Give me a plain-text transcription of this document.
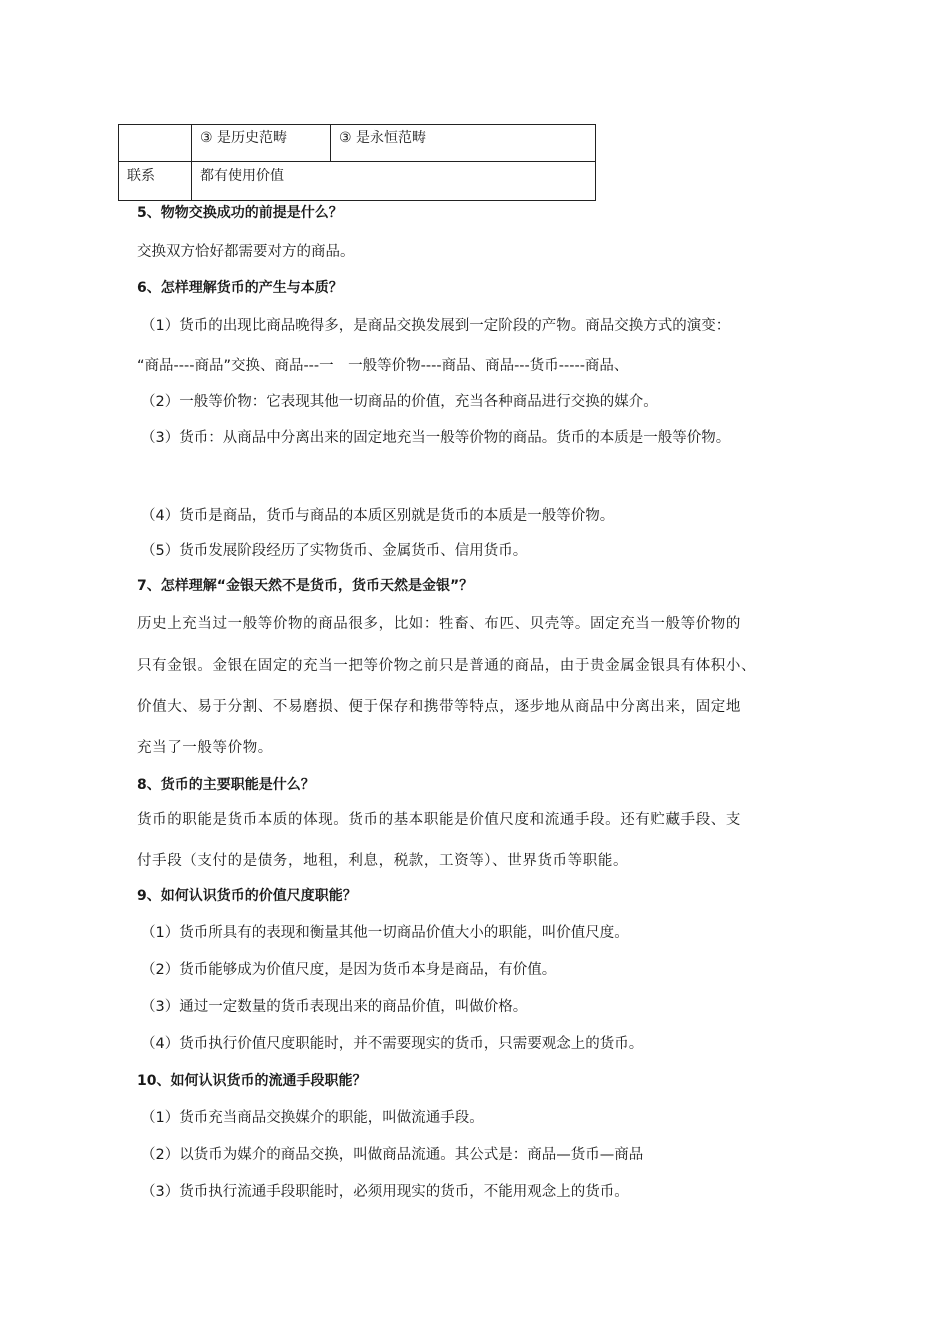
	③ 是历史范畴	③ 是永恒范畴
联系	都有使用价值	
5、物物交换成功的前提是什么？
交换双方恰好都需要对方的商品。
6、怎样理解货币的产生与本质？
（1）货币的出现比商品晚得多，是商品交换发展到一定阶段的产物。商品交换方式的演变：
“商品----商品”交换、商品---一　一般等价物----商品、商品---货币-----商品、
（2）一般等价物：它表现其他一切商品的价值，充当各种商品进行交换的媒介。
（3）货币：从商品中分离出来的固定地充当一般等价物的商品。货币的本质是一般等价物。
（4）货币是商品，货币与商品的本质区别就是货币的本质是一般等价物。
（5）货币发展阶段经历了实物货币、金属货币、信用货币。
7、怎样理解“金银天然不是货币，货币天然是金银”？
历史上充当过一般等价物的商品很多，比如：牲畜、布匹、贝壳等。固定充当一般等价物的
只有金银。金银在固定的充当一把等价物之前只是普通的商品，由于贵金属金银具有体积小、
价值大、易于分割、不易磨损、便于保存和携带等特点，逐步地从商品中分离出来，固定地
充当了一般等价物。
8、货币的主要职能是什么？
货币的职能是货币本质的体现。货币的基本职能是价值尺度和流通手段。还有贮藏手段、支
付手段（支付的是债务，地租，利息，税款，工资等）、世界货币等职能。
9、如何认识货币的价值尺度职能？
（1）货币所具有的表现和衡量其他一切商品价值大小的职能，叫价值尺度。
（2）货币能够成为价值尺度，是因为货币本身是商品，有价值。
（3）通过一定数量的货币表现出来的商品价值，叫做价格。
（4）货币执行价值尺度职能时，并不需要现实的货币，只需要观念上的货币。
10、如何认识货币的流通手段职能？
（1）货币充当商品交换媒介的职能，叫做流通手段。
（2）以货币为媒介的商品交换，叫做商品流通。其公式是：商品—货币—商品
（3）货币执行流通手段职能时，必须用现实的货币，不能用观念上的货币。
